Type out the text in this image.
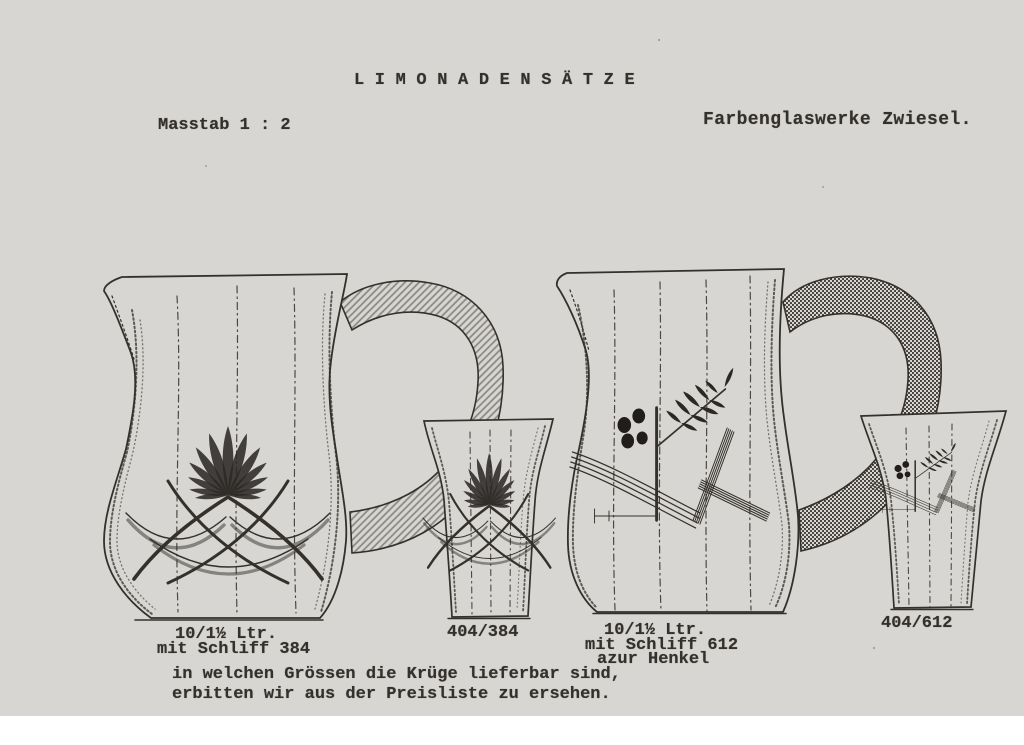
L I M O N A D E N S Ä T Z E
Masstab 1 : 2	Farbenglaswerke Zwiesel.
10/1½ Ltr.
mit Schliff 384
404/384	10/1½ Ltr.
mit Schliff 612
azur Henkel
404/612
in welchen Grössen die Krüge lieferbar sind,
erbitten wir aus der Preisliste zu ersehen.
